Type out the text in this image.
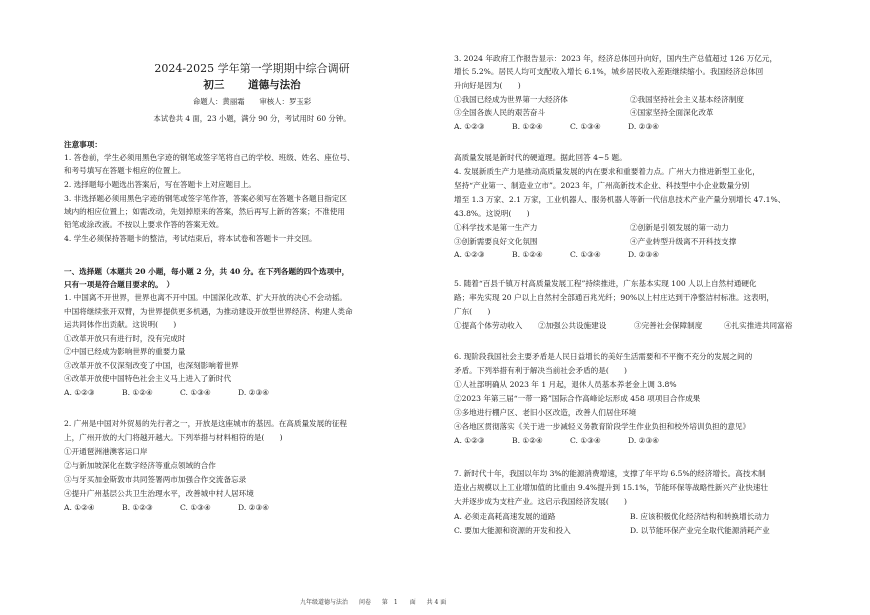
2024-2025 学年第一学期期中综合调研
初三 道德与法治
命题人：黄丽霜　　审核人：罗玉彩
本试卷共 4 面，23 小题，满分 90 分，考试用时 60 分钟。
注意事项：
1. 答卷前，学生必须用黑色字迹的钢笔或签字笔将自己的学校、班级、姓名、座位号、
和考号填写在答题卡相应的位置上。
2. 选择题每小题选出答案后，写在答题卡上对应题目上。
3. 非选择题必须用黑色字迹的钢笔或签字笔作答，答案必须写在答题卡各题目指定区
域内的相应位置上；如需改动，先划掉原来的答案，然后再写上新的答案；不准使用
铅笔或涂改液。不按以上要求作答的答案无效。
4. 学生必须保持答题卡的整洁，考试结束后，将本试卷和答题卡一并交回。
一、选择题（本题共 20 小题，每小题 2 分，共 40 分。在下列各题的四个选项中，
只有一项是符合题目要求的。　）
1. 中国离不开世界，世界也离不开中国。中国深化改革、扩大开放的决心不会动摇。
中国将继续张开双臂，为世界提供更多机遇，为推动建设开放型世界经济、构建人类命
运共同体作出贡献。这说明(　　)
①改革开放只有进行时，没有完成时
②中国已经成为影响世界的重要力量
③改革开放不仅深刻改变了中国，也深刻影响着世界
④改革开放使中国特色社会主义马上进入了新时代
A. ①②③	B. ①②④	C. ①③④	D. ②③④
2. 广州是中国对外贸易的先行者之一，开放是这座城市的基因。在高质量发展的征程
上，广州开放的大门将越开越大。下列举措与材料相符的是(　　)
①开通琶洲港澳客运口岸
②与新加坡深化在数字经济等重点领域的合作
③与牙买加金斯敦市共同签署两市加强合作交流备忘录
④提升广州基层公共卫生治理水平，改善城中村人居环境
A. ①②④	B. ①②③	C. ①③④	D. ②③④
3. 2024 年政府工作报告显示：2023 年，经济总体回升向好，国内生产总值超过 126 万亿元，
增长 5.2%。居民人均可支配收入增长 6.1%，城乡居民收入差距继续缩小。我国经济总体回
升向好是因为(　　)
①我国已经成为世界第一大经济体	②我国坚持社会主义基本经济制度
③全国各族人民的艰苦奋斗	④国家坚持全面深化改革
A. ①②③	B. ①②④	C. ①③④	D. ②③④
高质量发展是新时代的硬道理。据此回答 4~5 题。
4. 发展新质生产力是推动高质量发展的内在要求和重要着力点。广州大力推进新型工业化，
坚持“产业第一、制造业立市”。2023 年，广州高新技术企业、科技型中小企业数量分别
增至 1.3 万家、2.1 万家，工业机器人、服务机器人等新一代信息技术产业产量分别增长 47.1%、
43.8%。这说明(　　)
①科学技术是第一生产力	②创新是引领发展的第一动力
③创新需要良好文化氛围	④产业转型升级离不开科技支撑
A. ①②③	B. ①②④	C. ①③④	D. ②③④
5. 随着“百县千镇万村高质量发展工程”持续推进，广东基本实现 100 人以上自然村通硬化
路；率先实现 20 户以上自然村全部通百兆光纤；90%以上村庄达到干净整洁村标准。这表明，
广东(　　)
①提高个体劳动收入 ②加强公共设施建设	③完善社会保障制度	④扎实推进共同富裕
6. 现阶段我国社会主要矛盾是人民日益增长的美好生活需要和不平衡不充分的发展之间的
矛盾。下列举措有利于解决当前社会矛盾的是(　　)
①人社部明确从 2023 年 1 月起，退休人员基本养老金上调 3.8%
②2023 年第三届“一带一路”国际合作高峰论坛形成 458 项项目合作成果
③多地进行棚户区、老旧小区改造，改善人们居住环境
④各地区贯彻落实《关于进一步减轻义务教育阶段学生作业负担和校外培训负担的意见》
A. ①②③	B. ①②④	C. ①③④	D. ②③④
7. 新时代十年，我国以年均 3%的能源消费增速，支撑了年平均 6.5%的经济增长。高技术制
造业占规模以上工业增加值的比重由 9.4%提升到 15.1%，节能环保等战略性新兴产业快速壮
大并逐步成为支柱产业。这启示我国经济发展(　　)
A. 必须走高耗高速发展的道路	B. 应该积极优化经济结构和转换增长动力
C. 要加大能源和资源的开发和投入	D. 以节能环保产业完全取代能源消耗产业
九年级道德与法治 问卷 第　1　　面 共 4 面
